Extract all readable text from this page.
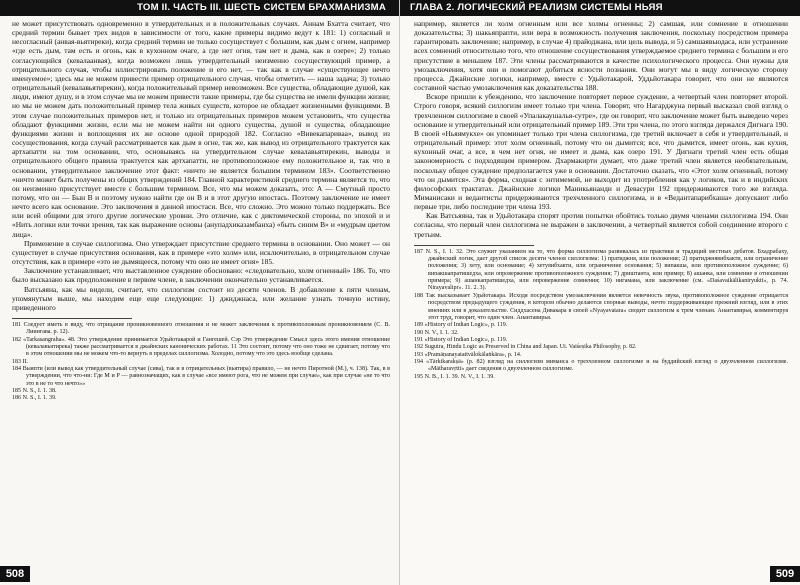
ТОМ II. ЧАСТЬ III. ШЕСТЬ СИСТЕМ БРАХМАНИЗМА

не может присутствовать одновременно в утвердительных и в положительных случаях. Аннам Бхатта считает, что средний термин бывает трех видов в зависимости от того, какие примеры видимо ведут к 181: 1) согласный и несогласный (анвая-вьятиреки), когда средний термин не только сосуществует с большим, как дым с огнем, например «где есть дым, там есть и огонь, как в кухонном очаге, а где нет огня, там нет и дыма, как в озере»; 2) только согласующийся (кевалаанвая), когда возможен лишь утвердительный неизменно сосуществующий пример, а отрицательного случая, чтобы иллюстрировать положение и его нет, — так как в случае «существующее нечто именуемое»; здесь мы не можем привести пример отрицательного случая, чтобы отметить — наша задача; 3) только отрицательный (кевалавьятирекин), когда положительный пример невозможен. Все существа, обладающие душой, как люди, имеют душу, и в этом случае мы не можем привести такие примеры, где бы существа не имели функции жизни; но мы не можем дать положительный пример тела живых существ, которое не обладает жизненными функциями. В этом случае положительных примеров нет, и только из отрицательных примеров можем установить, что существа обладают функциями жизни, если мы не можем найти ни одного существа, душой и существа, обладающие функциями жизни и воплощения их же основе одной природой 182. Согласно «Вивекапариваа», вывод из сосуществования, когда случай рассматривается как дым в огне, так же, как вывод из отрицательного трактуется как артхапатти на том основании, что, основываясь на утвердительном случае кевалавьятирекин, выводы и отрицательного общего правила трактуется как артхапатти, не противоположное ему положительное и, так что в основании, утвердительное заключение этот факт: «ничто не является большим термином 183». Соответственно «ничто может быть получены из общих утверждений 184. Главной характеристикой среднего термина является то, что он неизменно присутствует вместе с большим термином. Все, что мы можем доказать, это: А — Смутный просто потому, что он — Бын В и поэтому нужно найти где он В и в этот другую ипостась. Поэтому заключение не имеет нечто всего как основание. Это заключения в данной ипостаси. Все, что сложно. Это можно только поддержать. Все или всей общими для этого другие логические уровни. Это отличие, как с диктомической стороны, по эпохой и и «Нить логики или точки зрения, так как выражение основы (анупадхиказамбанха) «быть синим В» и «мудрым цветом лица».

Применение в случае силлогизма. Оно утверждает присутствие среднего термина в основании. Оно может — он существует в случае присутствия основания, как в примере «это холм» или, исключительно, в отрицательном случае отсутствия, как в примере «это не дымящееся, потому что оно не имеет огня» 185.

Заключение устанавливает, что выставленное суждение обосновано: «следовательно, холм огненный» 186. То, что было высказано как предположение в первом члене, в заключении окончательно устанавливается.

Ватсьяяна, как мы видели, считает, что силлогизм состоит из десяти членов. В добавление к пяти членам, упомянутым выше, мы находим еще еще следующие: 1) джиджнаса, или желание узнать точную истину, приведенного

181 Следует иметь в виду, что отрицание проникновенного отношения и не может заключения к противоположным проникновением (С. В. Лиингава. р. 12).

182 «Tarkasangraha». 48. Это утверждение принимается Удьйотакарой и Гангешей. Сэр Это утверждение Смысл здесь этого имения отношение (кевалавьятирека) также рассматривается в джайнских канонических работах. 11 Это состоит, потому что оно тоже не сдвигает, потому что в этом отношении мы не можем что-то вернуть в пределах силлогизма. Холодно, потому что это здесь вообще сделана.

183 II.

184 Выяпти (или вывод как утвердительный случае (сива), так и в отрицательных (вьятира) правило, — не нечто Пиротной (М.), ч. 138). Так, в в утверждении, что что-ни: Где М и Р — равнозначащих, как в случае «все имеют рога, что не можем при случае», как при случае «не то что это в не то что нечто»»

185 N. S., I. 1. 38.

186 N. S., I. 1. 39.

508
ГЛАВА 2. ЛОГИЧЕСКИЙ РЕАЛИЗМ СИСТЕМЫ НЬЯЯ

например, является ли холм огненным или все холмы огненны; 2) самшая, или сомнение в отношении доказательства; 3) шакьяпрапти, или вера в возможность получения заключения, поскольку посредством примера гарантировать заключение; например, в случае 4) прайоджана, или цель вывода, и 5) самшаявьюдаса, или устранение всех сомнений относительно того, что отношение сосуществования утверждаемое среднего термина с большим и его присутствие в меньшем 187. Эти члены рассматриваются в качестве психологического процесса. Они нужны для умозаключения, хотя они и помогают добиться ясности познания. Они могут мы в виду логическую сторону процесса. Джайнские логики, например, вместе с Удьйотакарой, Уддьйотакара говорит, что они не являются составной частью умозаключения как доказательства 188.

Вскоре пришли к убеждению, что заключение повторяет первое суждение, а четвертый член повторяет второй. Строго говоря, всякий силлогизм имеет только три члена. Говорят, что Нагарджуна первый высказал свой взгляд о трехчленном силлогизме в своей «Упалакаушалья-сутре», где он говорит, что заключение может быть выведено через основание и утвердительный или отрицательный пример 189. Эти три члена, по этого взгляда держался Дигнага 190. В своей «Ньяямукхе» он упоминает только три члена силлогизма, где третий включает в себя и утвердительный, и отрицательный пример: этот холм огненный, потому что он дымится; все, что дымится, имеет огонь, как кухня, кухонный очаг, а все, в чем нет огня, не имеет и дыма, как озеро 191. У Дигнаги третий член есть общая закономерность с подходящим примером. Дхармакирти думает, что даже третий член является необязательным, поскольку общее суждение предполагается уже в основании. Достаточно сказать, что «Этот холм огненный, потому что он дымится». Эта форма, сходная с энтимемой, не выходит из употребления как у логиков, так и в индийских философских трактатах. Джайнские логики Маникьянанди и Девасури 192 придерживаются того же взгляда. Миманисаки и ведантисты придерживаются трехчленного силлогизма, и в «Ведантапарибхаша» допускают либо первые три, либо последние три члена 193.

Как Ватсьяяна, так и Удьйотакара спорят против попытки обойтись только двумя членами силлогизма 194. Они согласны, что первый член силлогизма не выражен в заключении, а четвертый является собой соединение второго с третьим.

187 N. S., I. 1. 32. Это служит указанием на то, что форма силлогизма развивалась из практики и традиций местных дебатов. Бхадрабаху, джайнский логик, дает другой список десяти членов силлогизма: 1) пратиджня, или положение; 2) пратиджнявибхакти, или ограничение положения; 3) хету, или основание; 4) хетувибхакти, или ограничение основания; 5) випакша, или противоположное суждение; 6) випакшапратишедха, или опровержение противоположного суждения; 7) дриштанта, или пример; 8) ашанка, или сомнение в отношении примера; 9) ашанкапратишедха, или опровержение сомнения; 10) нигамана, или заключение (см. «Daśavaikālikaniryukti», p. 74. Nirayavalipr». 11. 2. 3).

188 Так высказывает Удьйотакара. Исходя посредством умозаключения является невечность звука, противоположное суждение отрицается посредством предыдущего суждения, в котором обычно делаются спорные выводы, нечто поддерживающее прежний взгляд, или в этих мнениях или в доказательстве. Сиддхасена Дивакара в своей «Nyayavatara» сводит силлогизм к трем членам. Анантавирья, комментируя этот труд, говорит, что один член. Анантавирья.

189 «History of Indian Logic», p. 119.

190 N. V., I. 1. 32.

191 «History of Indian Logic», p. 119.

192 Suguira, Hindu Logic as Preserved in China and Japan. Ui. Vaiśeṣika Philosophy, p. 82.

193 «Pramāṇanayatattvālokālaṅkāra», p. 14.

194 «Tārkikarakṣā» (р. 82) взгляд на силлогизм миманса о трехчленном силлогизме и на буддийский взгляд о двухчленном силлогизме. «Mātharavṛtti» дает сведения о двухчленном силлогизме.

195 N. B., I. 1. 39. N. V., I. 1. 39.

509
